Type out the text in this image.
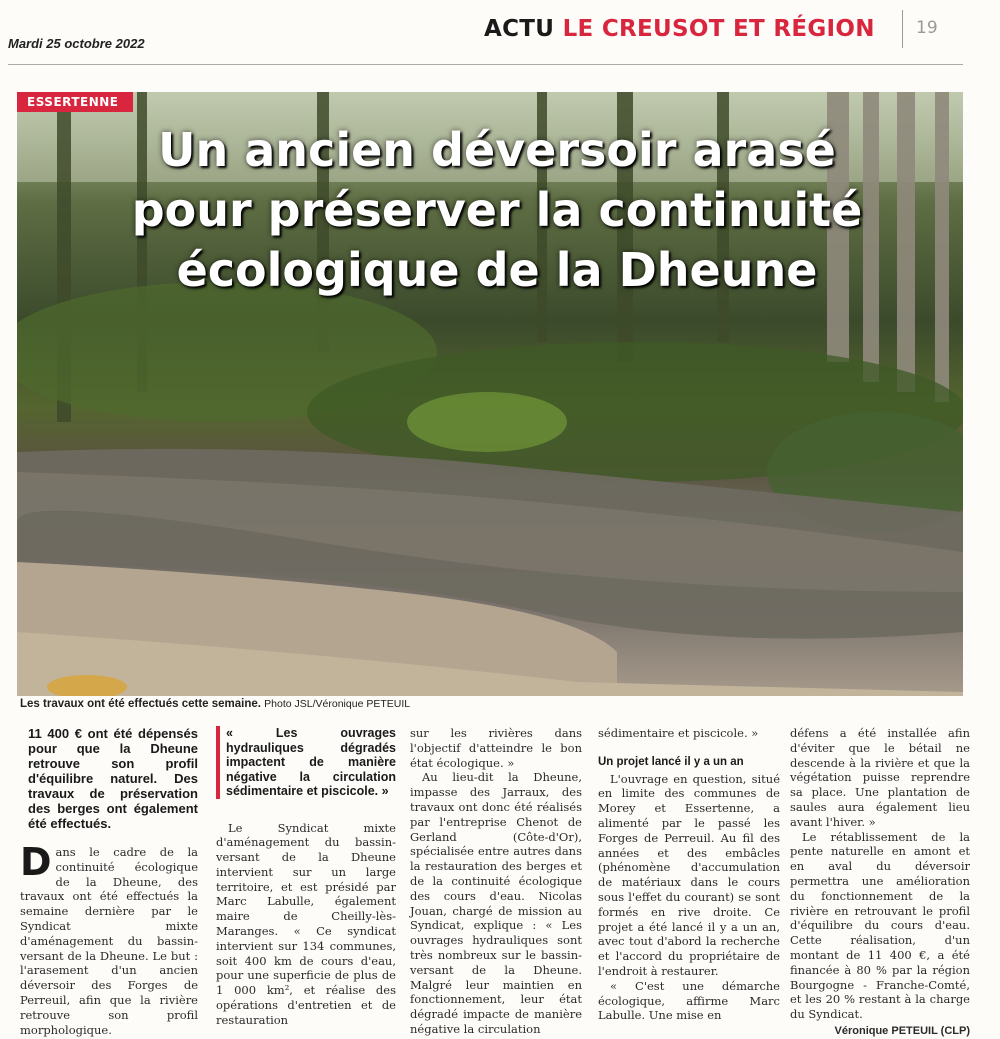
Mardi 25 octobre 2022
ACTU LE CREUSOT ET RÉGION 19
ESSERTENNE
Un ancien déversoir arasé pour préserver la continuité écologique de la Dheune
Les travaux ont été effectués cette semaine. Photo JSL/Véronique PETEUIL
11 400 € ont été dépensés pour que la Dheune retrouve son profil d'équilibre naturel. Des travaux de préservation des berges ont également été effectués.

Dans le cadre de la continuité écologique de la Dheune, des travaux ont été effectués la semaine dernière par le Syndicat mixte d'aménagement du bassin-versant de la Dheune. Le but : l'arasement d'un ancien déversoir des Forges de Perreuil, afin que la rivière retrouve son profil morphologique.

« Les ouvrages hydrauliques dégradés impactent de manière négative la circulation sédimentaire et piscicole. »

Le Syndicat mixte d'aménagement du bassin-versant de la Dheune intervient sur un large territoire, et est présidé par Marc Labulle, également maire de Cheilly-lès-Maranges. « Ce syndicat intervient sur 134 communes, soit 400 km de cours d'eau, pour une superficie de plus de 1 000 km², et réalise des opérations d'entretien et de restauration

sur les rivières dans l'objectif d'atteindre le bon état écologique. »

Au lieu-dit la Dheune, impasse des Jarraux, des travaux ont donc été réalisés par l'entreprise Chenot de Gerland (Côte-d'Or), spécialisée entre autres dans la restauration des berges et de la continuité écologique des cours d'eau. Nicolas Jouan, chargé de mission au Syndicat, explique : « Les ouvrages hydrauliques sont très nombreux sur le bassin-versant de la Dheune. Malgré leur maintien en fonctionnement, leur état dégradé impacte de manière négative la circulation

sédimentaire et piscicole. »

Un projet lancé il y a un an

L'ouvrage en question, situé en limite des communes de Morey et Essertenne, a alimenté par le passé les Forges de Perreuil. Au fil des années et des embâcles (phénomène d'accumulation de matériaux dans le cours sous l'effet du courant) se sont formés en rive droite. Ce projet a été lancé il y a un an, avec tout d'abord la recherche et l'accord du propriétaire de l'endroit à restaurer.

« C'est une démarche écologique, affirme Marc Labulle. Une mise en

défens a été installée afin d'éviter que le bétail ne descende à la rivière et que la végétation puisse reprendre sa place. Une plantation de saules aura également lieu avant l'hiver. »

Le rétablissement de la pente naturelle en amont et en aval du déversoir permettra une amélioration du fonctionnement de la rivière en retrouvant le profil d'équilibre du cours d'eau. Cette réalisation, d'un montant de 11 400 €, a été financée à 80 % par la région Bourgogne - Franche-Comté, et les 20 % restant à la charge du Syndicat.

Véronique PETEUIL (CLP)
